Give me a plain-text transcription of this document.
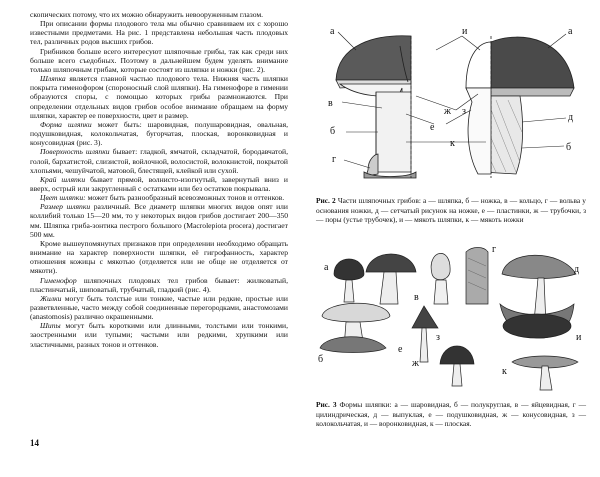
скопических потому, что их можно обнаружить невооруженным глазом.

При описании формы плодового тела мы обычно сравниваем их с хорошо известными предметами. На рис. 1 представлена небольшая часть плодовых тел, различных родов высших грибов.

Грибников больше всего интересуют шляпочные грибы, так как среди них больше всего съедобных. Поэтому в дальнейшем будем уделять внимание только шляпочным грибам, которые состоят из шляпки и ножки (рис. 2).

Шляпка является главной частью плодового тела. Нижняя часть шляпки покрыта гименофором (спороносный слой шляпки). На гименофоре в гимении образуются споры, с помощью которых грибы размножаются. При определении отдельных видов грибов особое внимание обращаем на форму шляпки, характер ее поверхности, цвет и размер.

Форма шляпки может быть: шаровидная, полушаровидная, овальная, подушковидная, колокольчатая, бугорчатая, плоская, воронковидная и конусовидная (рис. 3).

Поверхность шляпки бывает: гладкой, ямчатой, складчатой, бородавчатой, голой, бархатистой, слизистой, войлочной, волосистой, волокнистой, покрытой хлопьями, чешуйчатой, матовой, блестящей, клейкой или сухой.

Край шляпки бывает прямой, волнисто-изогнутый, завернутый вниз и вверх, острый или закругленный с остатками или без остатков покрывала.

Цвет шляпки: может быть разнообразный всевозможных тонов и оттенков.

Размер шляпки различный. Все диаметр шляпки многих видов опят или коллибий только 15—20 мм, то у некоторых видов грибов достигает 200—350 мм. Шляпка гриба-зонтика пестрого большого (Macrolepiota procera) достигает 500 мм.

Кроме вышеупомянутых признаков при определении необходимо обращать внимание на характер поверхности шляпки, её гигрофанность, характер отношения кожицы с мякотью (отделяется или не обще не отделяется от мякоти).

Гименофор шляпочных плодовых тел грибов бывает: жилковатый, пластинчатый, шиповатый, трубчатый, гладкий (рис. 4).

Жилки могут быть толстые или тонкие, частые или редкие, простые или разветвленные, часто между собой соединенные перегородками, анастомозами (anastomosis) различно окрашенными.

Шипы могут быть короткими или длинными, толстыми или тонкими, заостренными или тупыми; частыми или редкими, хрупкими или эластичными, разных тонов и оттенков.

14
а	и	а
в
е
ж з
б
к
д
б
г
Рис. 2 Части шляпочных грибов: а — шляпка, б — ножка, в — кольцо, г — вольва у основания ножки, д — сетчатый рисунок на ножке, е — пластинки, ж — трубочки, з — поры (устье трубочек), и — мякоть шляпки, к — мякоть ножки
а
б	ж
з
в
г
д
е
и
к
Рис. 3 Формы шляпки: а — шаровидная, б — полукруглая, в — яйцевидная, г — цилиндрическая, д — выпуклая, е — подушковидная, ж — конусовидная, з — колокольчатая, и — воронковидная, к — плоская.
